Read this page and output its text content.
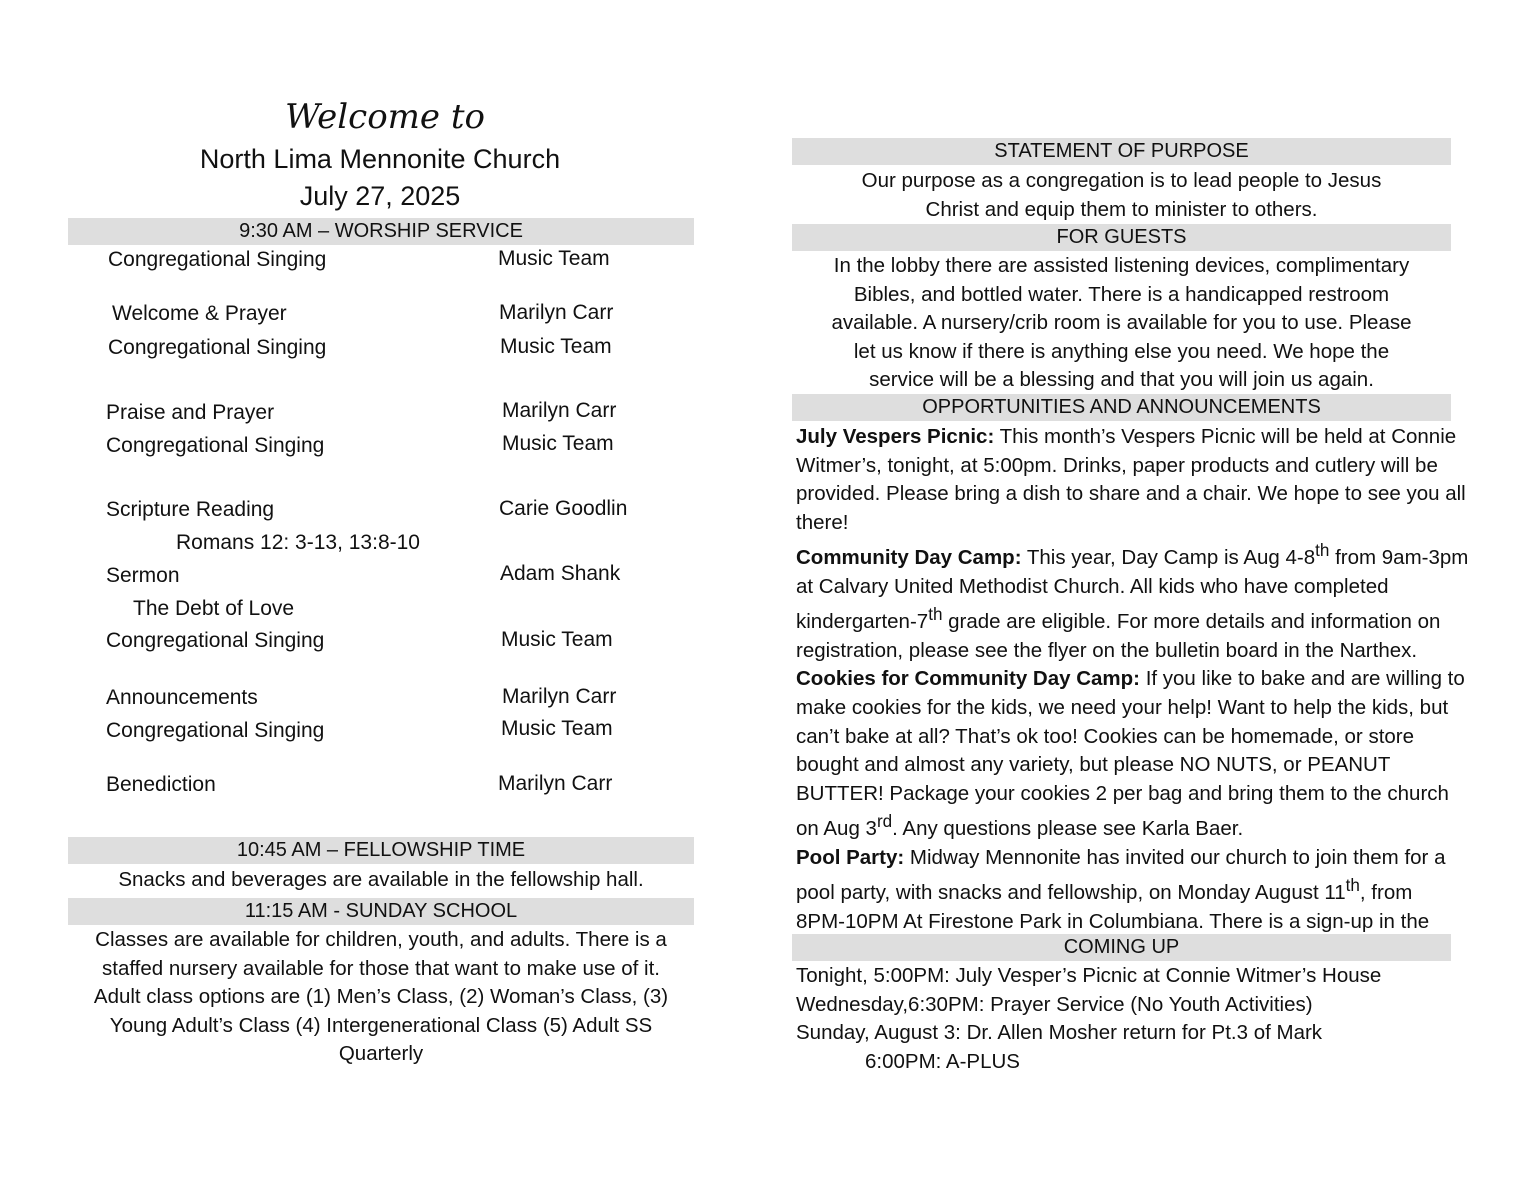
Welcome to
North Lima Mennonite Church
July 27, 2025
9:30 AM – WORSHIP SERVICE
Congregational Singing	Music Team
Welcome & Prayer	Marilyn Carr
Congregational Singing	Music Team
Praise and Prayer	Marilyn Carr
Congregational Singing	Music Team
Scripture Reading	Carie Goodlin
Romans 12: 3-13, 13:8-10
Sermon	Adam Shank
The Debt of Love
Congregational Singing	Music Team
Announcements	Marilyn Carr
Congregational Singing	Music Team
Benediction	Marilyn Carr
10:45 AM – FELLOWSHIP TIME
Snacks and beverages are available in the fellowship hall.
11:15 AM - SUNDAY SCHOOL
Classes are available for children, youth, and adults. There is a
staffed nursery available for those that want to make use of it.
Adult class options are (1) Men’s Class, (2) Woman’s Class, (3)
Young Adult’s Class (4) Intergenerational Class (5) Adult SS
Quarterly
STATEMENT OF PURPOSE
Our purpose as a congregation is to lead people to Jesus
Christ and equip them to minister to others.
FOR GUESTS
In the lobby there are assisted listening devices, complimentary
Bibles, and bottled water. There is a handicapped restroom
available. A nursery/crib room is available for you to use. Please
let us know if there is anything else you need. We hope the
service will be a blessing and that you will join us again.
OPPORTUNITIES AND ANNOUNCEMENTS
July Vespers Picnic: This month’s Vespers Picnic will be held at Connie
Witmer’s, tonight, at 5:00pm. Drinks, paper products and cutlery will be
provided. Please bring a dish to share and a chair. We hope to see you all
there!
Community Day Camp: This year, Day Camp is Aug 4-8th from 9am-3pm
at Calvary United Methodist Church. All kids who have completed
kindergarten-7th grade are eligible. For more details and information on
registration, please see the flyer on the bulletin board in the Narthex.
Cookies for Community Day Camp: If you like to bake and are willing to
make cookies for the kids, we need your help! Want to help the kids, but
can’t bake at all? That’s ok too! Cookies can be homemade, or store
bought and almost any variety, but please NO NUTS, or PEANUT
BUTTER! Package your cookies 2 per bag and bring them to the church
on Aug 3rd. Any questions please see Karla Baer.
Pool Party: Midway Mennonite has invited our church to join them for a
pool party, with snacks and fellowship, on Monday August 11th, from
8PM-10PM At Firestone Park in Columbiana. There is a sign-up in the
COMING UP
Tonight, 5:00PM: July Vesper’s Picnic at Connie Witmer’s House
Wednesday,6:30PM: Prayer Service (No Youth Activities)
Sunday, August 3: Dr. Allen Mosher return for Pt.3 of Mark
6:00PM: A-PLUS
